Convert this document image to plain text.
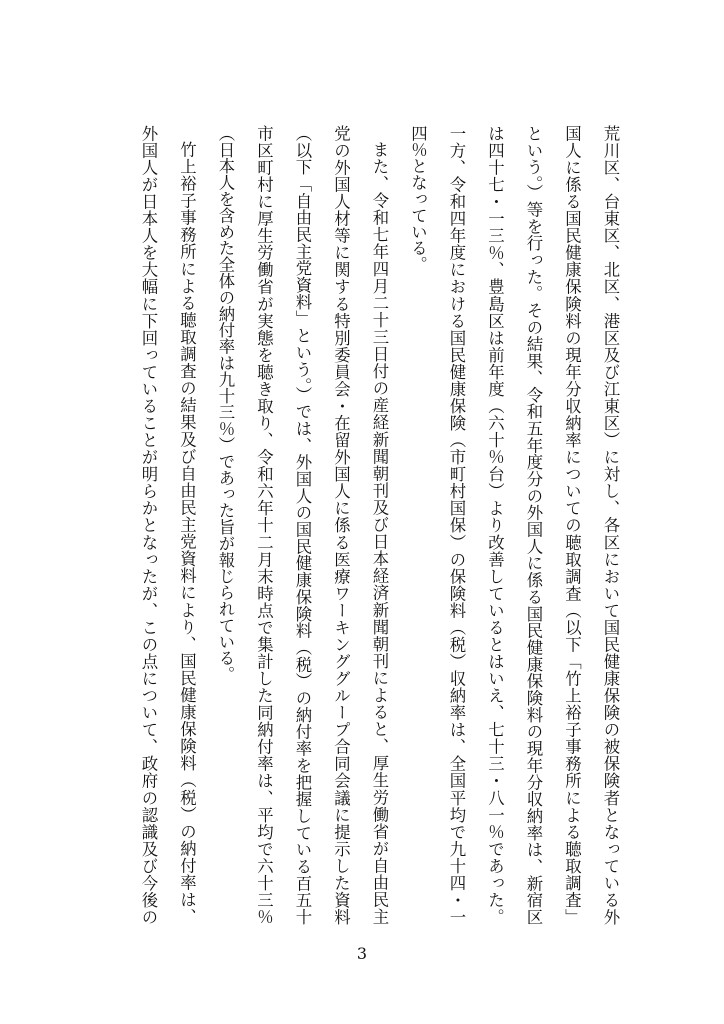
荒川区、台東区、北区、港区及び江東区）に対し、各区において国民健康保険の被保険者となっている外
国人に係る国民健康保険料の現年分収納率についての聴取調査（以下「竹上裕子事務所による聴取調査」
という。）等を行った。その結果、令和五年度分の外国人に係る国民健康保険料の現年分収納率は、新宿区
は四十七・一三％、豊島区は前年度（六十％台）より改善しているとはいえ、七十三・八一％であった。
一方、令和四年度における国民健康保険（市町村国保）の保険料（税）収納率は、全国平均で九十四・一
四％となっている。
また、令和七年四月二十三日付の産経新聞朝刊及び日本経済新聞朝刊によると、厚生労働省が自由民主
党の外国人材等に関する特別委員会・在留外国人に係る医療ワーキンググループ合同会議に提示した資料
（以下「自由民主党資料」という。）では、外国人の国民健康保険料（税）の納付率を把握している百五十
市区町村に厚生労働省が実態を聴き取り、令和六年十二月末時点で集計した同納付率は、平均で六十三％
（日本人を含めた全体の納付率は九十三％）であった旨が報じられている。
竹上裕子事務所による聴取調査の結果及び自由民主党資料により、国民健康保険料（税）の納付率は、
外国人が日本人を大幅に下回っていることが明らかとなったが、この点について、政府の認識及び今後の
3
